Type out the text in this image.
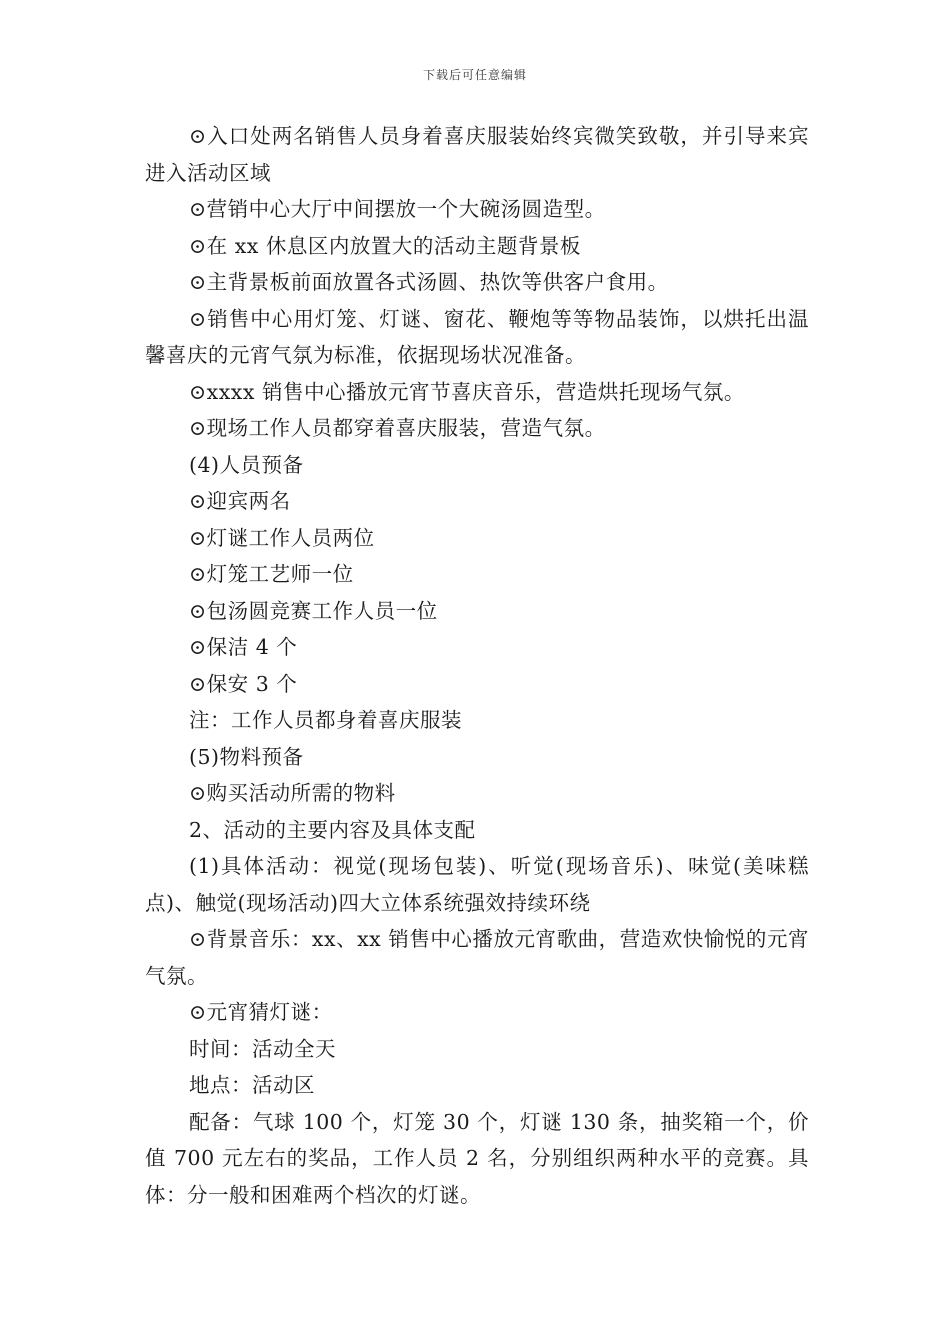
下载后可任意编辑

⊙入口处两名销售人员身着喜庆服装始终宾微笑致敬，并引导来宾进入活动区域

⊙营销中心大厅中间摆放一个大碗汤圆造型。

⊙在 xx 休息区内放置大的活动主题背景板

⊙主背景板前面放置各式汤圆、热饮等供客户食用。

⊙销售中心用灯笼、灯谜、窗花、鞭炮等等物品装饰，以烘托出温馨喜庆的元宵气氛为标准，依据现场状况准备。

⊙xxxx 销售中心播放元宵节喜庆音乐，营造烘托现场气氛。

⊙现场工作人员都穿着喜庆服装，营造气氛。

(4)人员预备

⊙迎宾两名

⊙灯谜工作人员两位

⊙灯笼工艺师一位

⊙包汤圆竞赛工作人员一位

⊙保洁 4 个

⊙保安 3 个

注：工作人员都身着喜庆服装

(5)物料预备

⊙购买活动所需的物料

2、活动的主要内容及具体支配

(1)具体活动：视觉(现场包装)、听觉(现场音乐)、味觉(美味糕点)、触觉(现场活动)四大立体系统强效持续环绕

⊙背景音乐：xx、xx 销售中心播放元宵歌曲，营造欢快愉悦的元宵气氛。

⊙元宵猜灯谜：

时间：活动全天

地点：活动区

配备：气球 100 个，灯笼 30 个，灯谜 130 条，抽奖箱一个，价值 700 元左右的奖品，工作人员 2 名，分别组织两种水平的竞赛。具体：分一般和困难两个档次的灯谜。
